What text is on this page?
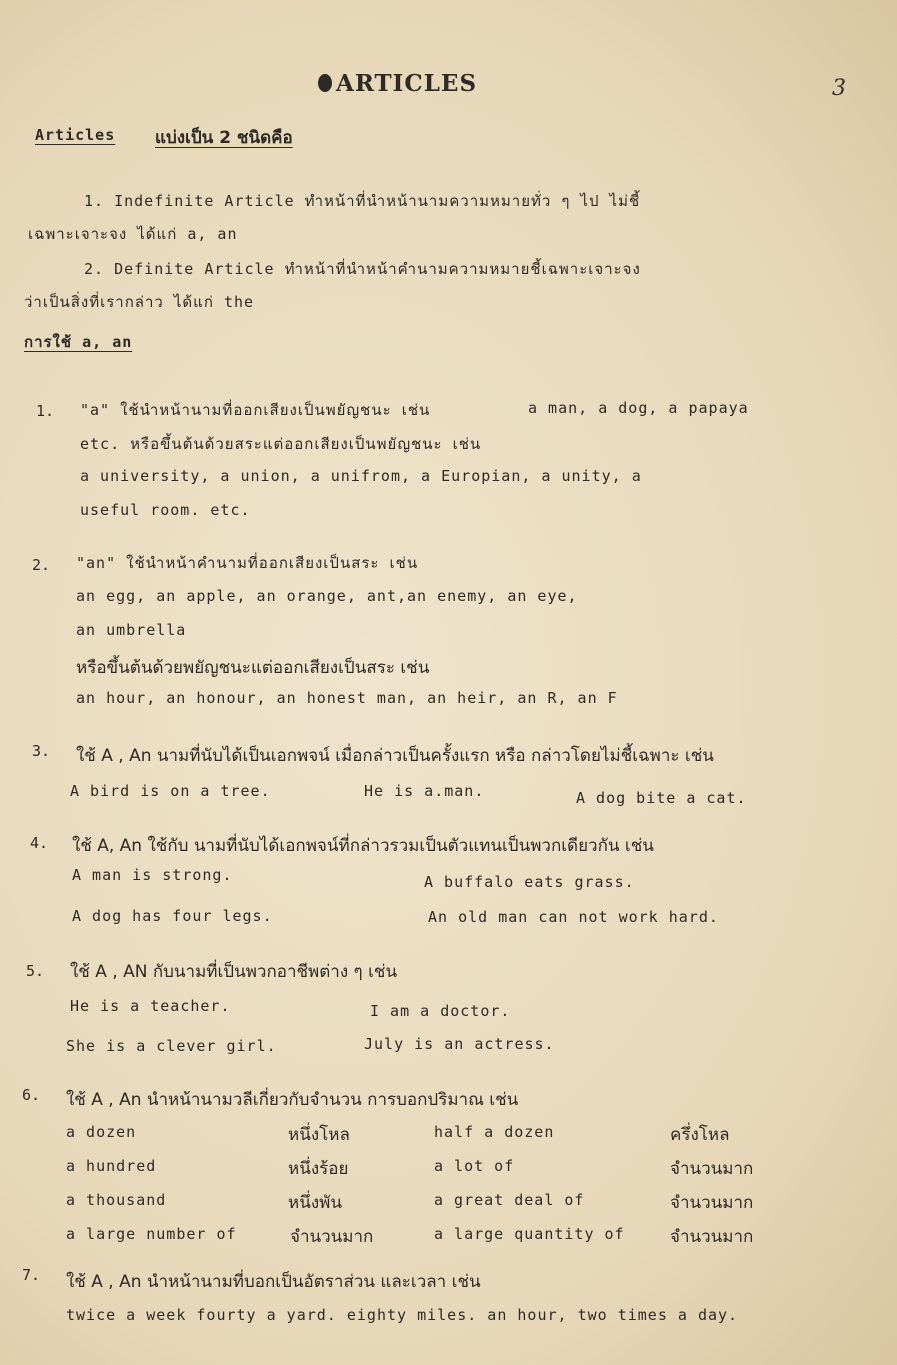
ARTICLES	3
Articles แบ่งเป็น 2 ชนิดคือ
1. Indefinite Article ทำหน้าที่นำหน้านามความหมายทั่ว ๆ ไป ไม่ชี้
เฉพาะเจาะจง ได้แก่ a, an
2. Definite Article ทำหน้าที่นำหน้าคำนามความหมายชี้เฉพาะเจาะจง
ว่าเป็นสิ่งที่เรากล่าว ได้แก่ the
การใช้ a, an
1. "a" ใช้นำหน้านามที่ออกเสียงเป็นพยัญชนะ เช่น	a man, a dog, a papaya
etc. หรือขึ้นต้นด้วยสระแต่ออกเสียงเป็นพยัญชนะ เช่น
a university, a union, a unifrom, a Europian, a unity, a
useful room. etc.
2. "an" ใช้นำหน้าคำนามที่ออกเสียงเป็นสระ เช่น
an egg, an apple, an orange, ant,an enemy, an eye,
an umbrella
หรือขึ้นต้นด้วยพยัญชนะแต่ออกเสียงเป็นสระ เช่น
an hour, an honour, an honest man, an heir, an R, an F
3. ใช้ A , An นามที่นับได้เป็นเอกพจน์ เมื่อกล่าวเป็นครั้งแรก หรือ กล่าวโดยไม่ชี้เฉพาะ เช่น
A bird is on a tree.	He is a.man.	A dog bite a cat.
4. ใช้ A, An ใช้กับ นามที่นับได้เอกพจน์ที่กล่าวรวมเป็นตัวแทนเป็นพวกเดียวกัน เช่น
A man is strong.	A buffalo eats grass.
A dog has four legs.	An old man can not work hard.
5. ใช้ A , AN กับนามที่เป็นพวกอาชีพต่าง ๆ เช่น
He is a teacher.	I am a doctor.
She is a clever girl.	July is an actress.
6. ใช้ A , An นำหน้านามวลีเกี่ยวกับจำนวน การบอกปริมาณ เช่น
a dozen	หนึ่งโหล	half a dozen	ครึ่งโหล
a hundred	หนึ่งร้อย	a lot of	จำนวนมาก
a thousand	หนึ่งพัน	a great deal of	จำนวนมาก
a large number of	จำนวนมาก	a large quantity of	จำนวนมาก
7. ใช้ A , An นำหน้านามที่บอกเป็นอัตราส่วน และเวลา เช่น
twice a week fourty a yard. eighty miles. an hour, two times a day.
